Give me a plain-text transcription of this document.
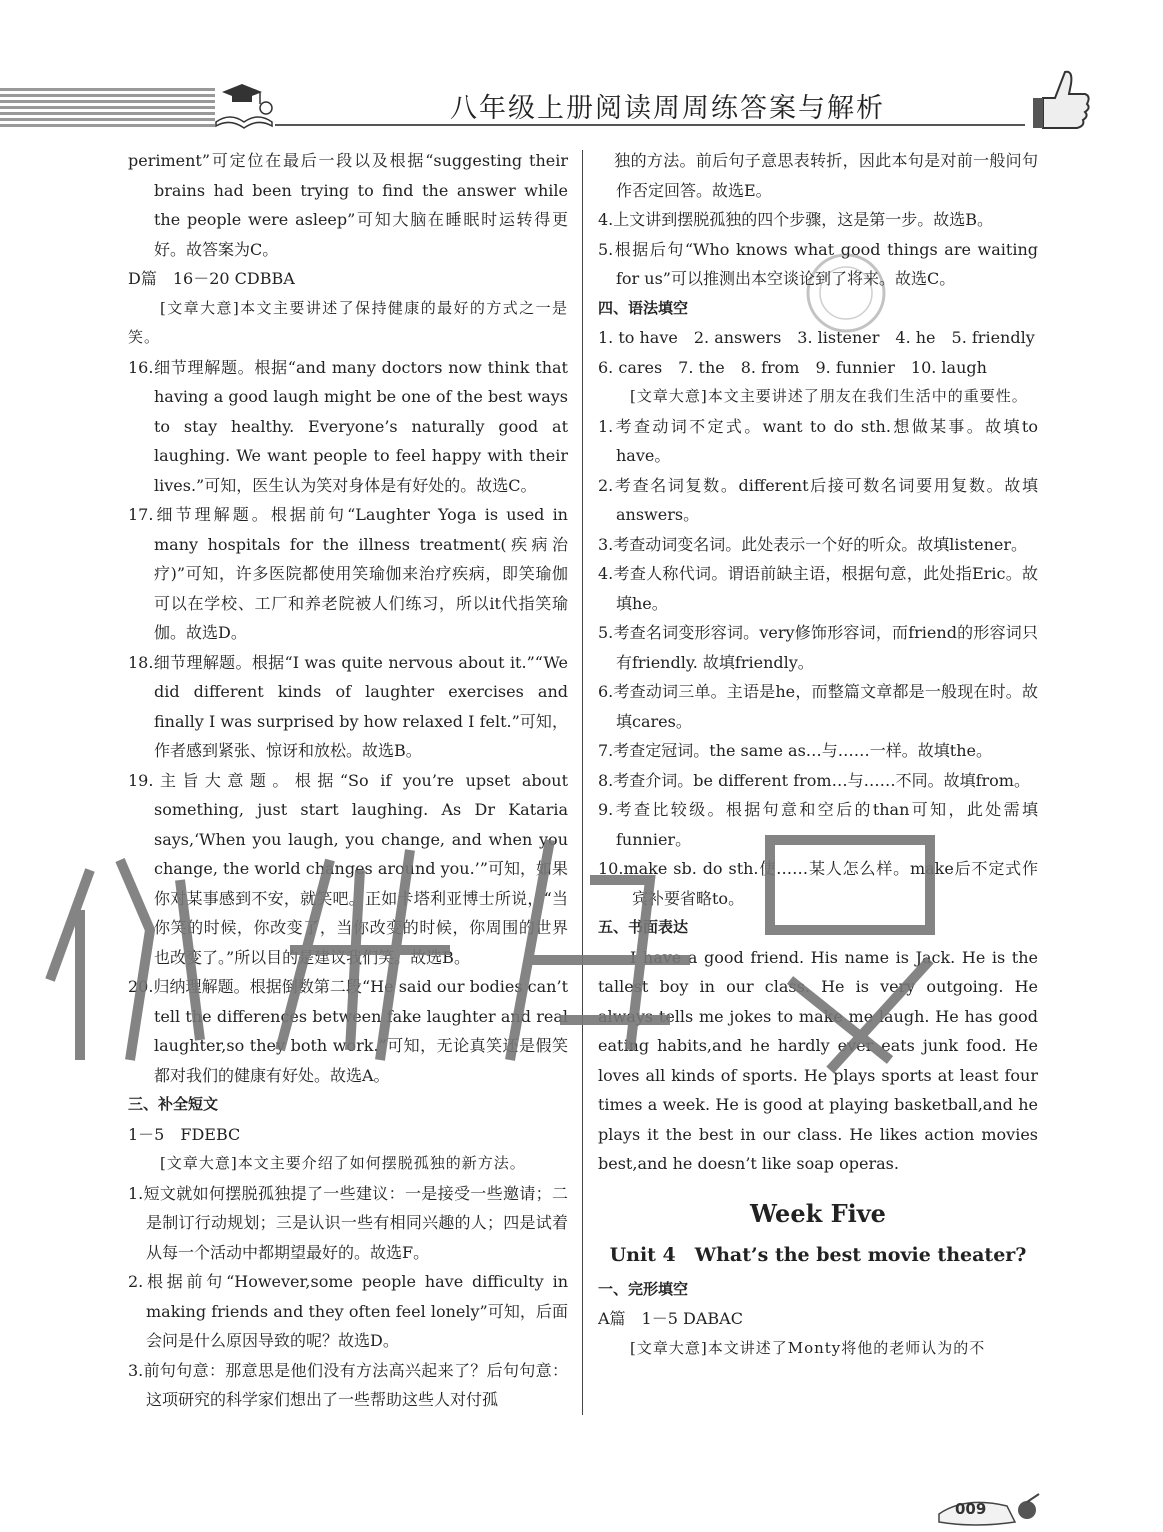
八年级上册阅读周周练答案与解析
periment”可定位在最后一段以及根据“suggesting their brains had been trying to find the answer while the people were asleep”可知大脑在睡眠时运转得更好。故答案为C。
D篇　16－20 CDBBA
[文章大意]本文主要讲述了保持健康的最好的方式之一是笑。
16.细节理解题。根据“and many doctors now think that having a good laugh might be one of the best ways to stay healthy. Everyone’s naturally good at laughing. We want people to feel happy with their lives.”可知，医生认为笑对身体是有好处的。故选C。
17.细节理解题。根据前句“Laughter Yoga is used in many hospitals for the illness treatment(疾病治疗)”可知，许多医院都使用笑瑜伽来治疗疾病，即笑瑜伽可以在学校、工厂和养老院被人们练习，所以it代指笑瑜伽。故选D。
18.细节理解题。根据“I was quite nervous about it.”“We did different kinds of laughter exercises and finally I was surprised by how relaxed I felt.”可知，作者感到紧张、惊讶和放松。故选B。
19.主旨大意题。根据“So if you’re upset about something, just start laughing. As Dr Kataria says,‘When you laugh, you change, and when you change, the world changes around you.’”可知，如果你对某事感到不安，就笑吧。正如卡塔利亚博士所说，“当你笑的时候，你改变了，当你改变的时候，你周围的世界也改变了。”所以目的是建议我们笑。故选B。
20.归纳理解题。根据倒数第二段“He said our bodies can’t tell the differences between fake laughter and real laughter,so they both work.”可知，无论真笑还是假笑都对我们的健康有好处。故选A。
三、补全短文
1－5　FDEBC
[文章大意]本文主要介绍了如何摆脱孤独的新方法。
1.短文就如何摆脱孤独提了一些建议：一是接受一些邀请；二是制订行动规划；三是认识一些有相同兴趣的人；四是试着从每一个活动中都期望最好的。故选F。
2.根据前句“However,some people have difficulty in making friends and they often feel lonely”可知，后面会问是什么原因导致的呢？故选D。
3.前句句意：那意思是他们没有方法高兴起来了？后句句意：这项研究的科学家们想出了一些帮助这些人对付孤
　独的方法。前后句子意思表转折，因此本句是对前一般问句作否定回答。故选E。
4.上文讲到摆脱孤独的四个步骤，这是第一步。故选B。
5.根据后句“Who knows what good things are waiting for us”可以推测出本空谈论到了将来。故选C。
四、语法填空
1. to have　2. answers　3. listener　4. he　5. friendly
6. cares　7. the　8. from　9. funnier　10. laugh
[文章大意]本文主要讲述了朋友在我们生活中的重要性。
1.考查动词不定式。want to do sth.想做某事。故填to have。
2.考查名词复数。different后接可数名词要用复数。故填answers。
3.考查动词变名词。此处表示一个好的听众。故填listener。
4.考查人称代词。谓语前缺主语，根据句意，此处指Eric。故填he。
5.考查名词变形容词。very修饰形容词，而friend的形容词只有friendly. 故填friendly。
6.考查动词三单。主语是he，而整篇文章都是一般现在时。故填cares。
7.考查定冠词。the same as…与……一样。故填the。
8.考查介词。be different from…与……不同。故填from。
9.考查比较级。根据句意和空后的than可知，此处需填funnier。
10.make sb. do sth.使……某人怎么样。make后不定式作宾补要省略to。
五、书面表达
I have a good friend. His name is Jack. He is the tallest boy in our class. He is very outgoing. He always tells me jokes to make me laugh. He has good eating habits,and he hardly ever eats junk food. He loves all kinds of sports. He plays sports at least four times a week. He is good at playing basketball,and he plays it the best in our class. He likes action movies best,and he doesn’t like soap operas.
Week Five
Unit 4　What’s the best movie theater?
一、完形填空
A篇　1－5 DABAC
[文章大意]本文讲述了Monty将他的老师认为的不
009
